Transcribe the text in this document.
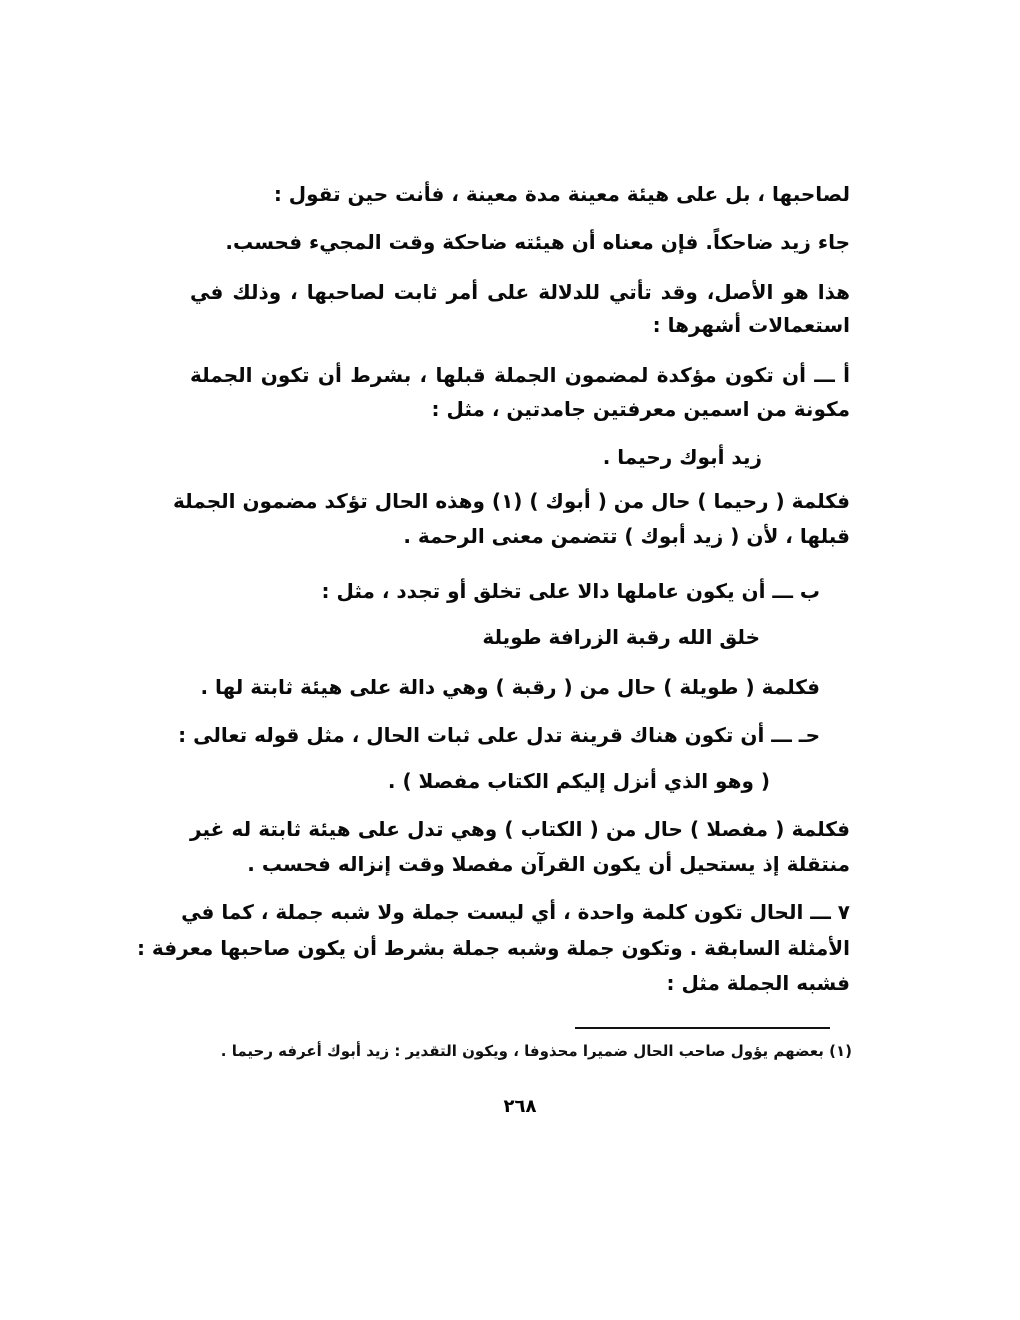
لصاحبها ، بل على هيئة معينة مدة معينة ، فأنت حين تقول :
جاء زيد ضاحكاً. فإن معناه أن هيئته ضاحكة وقت المجيء فحسب.
هذا هو الأصل، وقد تأتي للدلالة على أمر ثابت لصاحبها ، وذلك في
استعمالات أشهرها :
أ ـــ أن تكون مؤكدة لمضمون الجملة قبلها ، بشرط أن تكون الجملة
مكونة من اسمين معرفتين جامدتين ، مثل :
زيد أبوك رحيما .
فكلمة ( رحيما ) حال من ( أبوك ) (١) وهذه الحال تؤكد مضمون الجملة
قبلها ، لأن ( زيد أبوك ) تتضمن معنى الرحمة .
ب ـــ أن يكون عاملها دالا على تخلق أو تجدد ، مثل :
خلق الله رقبة الزرافة طويلة
فكلمة ( طويلة ) حال من ( رقبة ) وهي دالة على هيئة ثابتة لها .
حـ ـــ أن تكون هناك قرينة تدل على ثبات الحال ، مثل قوله تعالى :
( وهو الذي أنزل إليكم الكتاب مفصلا ) .
فكلمة ( مفصلا ) حال من ( الكتاب ) وهي تدل على هيئة ثابتة له غير
منتقلة إذ يستحيل أن يكون القرآن مفصلا وقت إنزاله فحسب .
٧ ـــ الحال تكون كلمة واحدة ، أي ليست جملة ولا شبه جملة ، كما في
الأمثلة السابقة . وتكون جملة وشبه جملة بشرط أن يكون صاحبها معرفة :
فشبه الجملة مثل :
(١) بعضهم يؤول صاحب الحال ضميرا محذوفا ، ويكون التقدير : زيد أبوك أعرفه رحيما .
٢٦٨
